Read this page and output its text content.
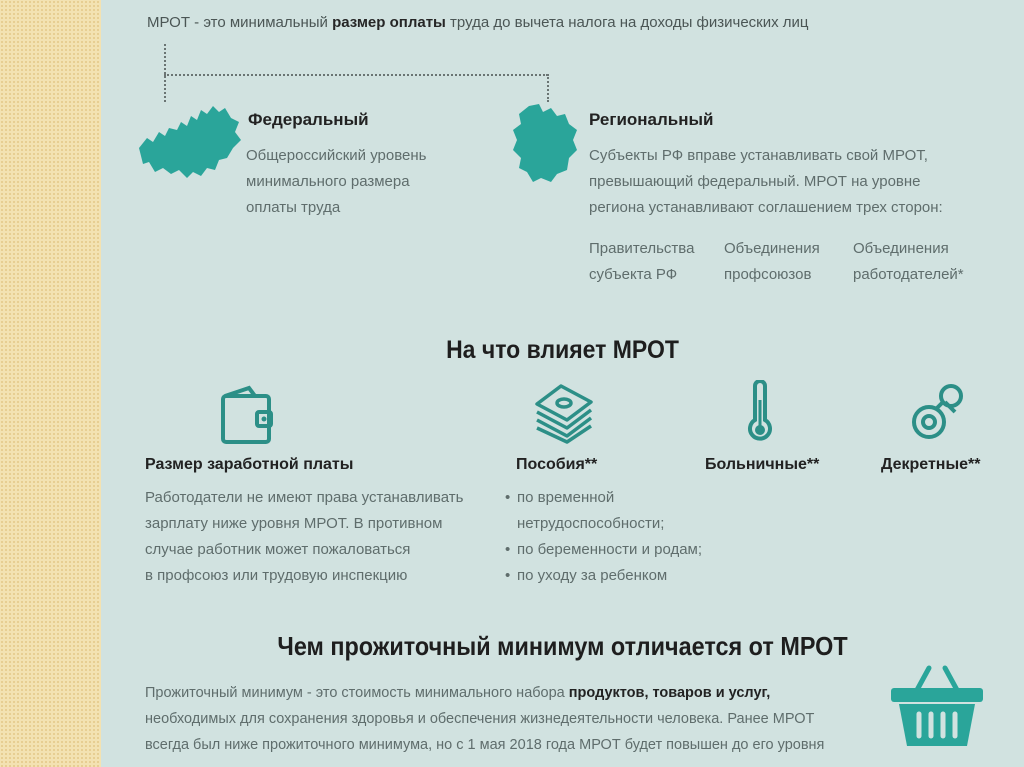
МРОТ - это минимальный размер оплаты труда до вычета налога на доходы физических лиц
Федеральный
Общероссийский уровень
минимального размера
оплаты труда
Региональный
Субъекты РФ вправе устанавливать свой МРОТ,
превышающий федеральный. МРОТ на уровне
региона устанавливают соглашением трех сторон:
Правительства
субъекта РФ
Объединения
профсоюзов
Объединения
работодателей*
На что влияет МРОТ
Размер заработной платы
Работодатели не имеют права устанавливать
зарплату ниже уровня МРОТ. В противном
случае работник может пожаловаться
в профсоюз или трудовую инспекцию
Пособия**
• по временной
нетрудоспособности;
• по беременности и родам;
• по уходу за ребенком
Больничные**	Декретные**
Чем прожиточный минимум отличается от МРОТ
Прожиточный минимум - это стоимость минимального набора продуктов, товаров и услуг,
необходимых для сохранения здоровья и обеспечения жизнедеятельности человека. Ранее МРОТ
всегда был ниже прожиточного минимума, но с 1 мая 2018 года МРОТ будет повышен до его уровня
